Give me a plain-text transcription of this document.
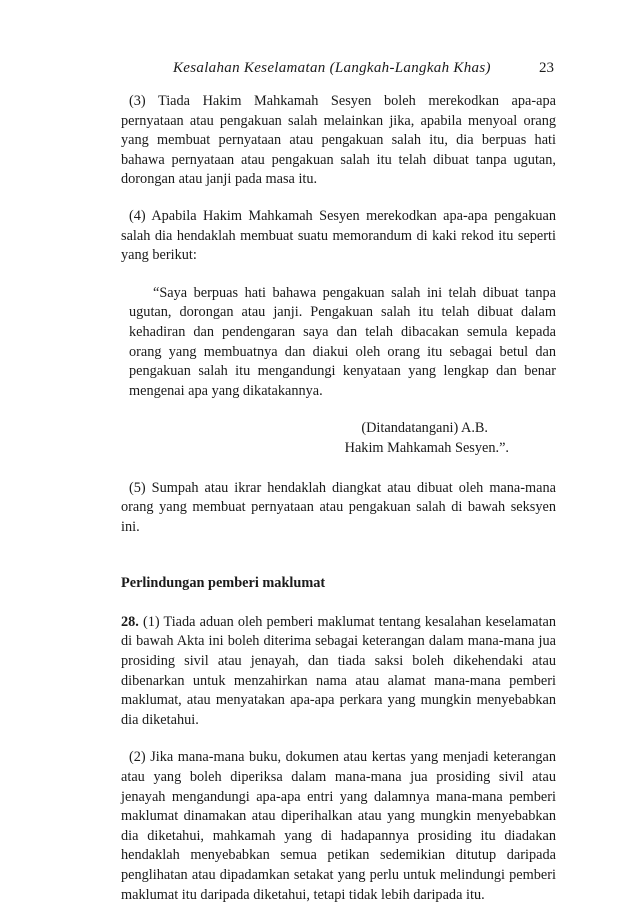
Kesalahan Keselamatan (Langkah-Langkah Khas)	23

(3) Tiada Hakim Mahkamah Sesyen boleh merekodkan apa-apa pernyataan atau pengakuan salah melainkan jika, apabila menyoal orang yang membuat pernyataan atau pengakuan salah itu, dia berpuas hati bahawa pernyataan atau pengakuan salah itu telah dibuat tanpa ugutan, dorongan atau janji pada masa itu.

(4) Apabila Hakim Mahkamah Sesyen merekodkan apa-apa pengakuan salah dia hendaklah membuat suatu memorandum di kaki rekod itu seperti yang berikut:

“Saya berpuas hati bahawa pengakuan salah ini telah dibuat tanpa ugutan, dorongan atau janji. Pengakuan salah itu telah dibuat dalam kehadiran dan pendengaran saya dan telah dibacakan semula kepada orang yang membuatnya dan diakui oleh orang itu sebagai betul dan pengakuan salah itu mengandungi kenyataan yang lengkap dan benar mengenai apa yang dikatakannya.

(Ditandatangani) A.B.
Hakim Mahkamah Sesyen.”.

(5) Sumpah atau ikrar hendaklah diangkat atau dibuat oleh mana-mana orang yang membuat pernyataan atau pengakuan salah di bawah seksyen ini.

Perlindungan pemberi maklumat

28. (1) Tiada aduan oleh pemberi maklumat tentang kesalahan keselamatan di bawah Akta ini boleh diterima sebagai keterangan dalam mana-mana jua prosiding sivil atau jenayah, dan tiada saksi boleh dikehendaki atau dibenarkan untuk menzahirkan nama atau alamat mana-mana pemberi maklumat, atau menyatakan apa-apa perkara yang mungkin menyebabkan dia diketahui.

(2) Jika mana-mana buku, dokumen atau kertas yang menjadi keterangan atau yang boleh diperiksa dalam mana-mana jua prosiding sivil atau jenayah mengandungi apa-apa entri yang dalamnya mana-mana pemberi maklumat dinamakan atau diperihalkan atau yang mungkin menyebabkan dia diketahui, mahkamah yang di hadapannya prosiding itu diadakan hendaklah menyebabkan semua petikan sedemikian ditutup daripada penglihatan atau dipadamkan setakat yang perlu untuk melindungi pemberi maklumat itu daripada diketahui, tetapi tidak lebih daripada itu.
